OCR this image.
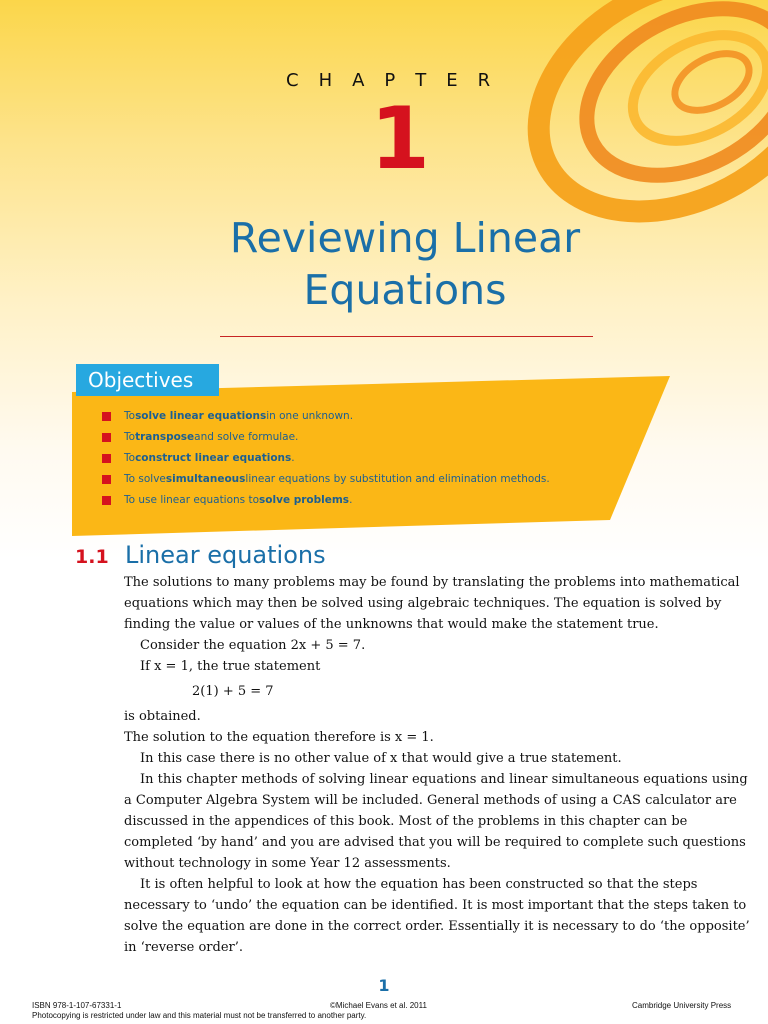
CHAPTER
1
Reviewing Linear
Equations
Objectives
To solve linear equations in one unknown.
To transpose and solve formulae.
To construct linear equations .
To solve simultaneous linear equations by substitution and elimination methods.
To use linear equations to solve problems .
1.1 Linear equations

The solutions to many problems may be found by translating the problems into mathematical

equations which may then be solved using algebraic techniques. The equation is solved by

finding the value or values of the unknowns that would make the statement true.

Consider the equation 2x + 5 = 7.

If x = 1, the true statement

2(1) + 5 = 7

is obtained.

The solution to the equation therefore is x = 1.

In this case there is no other value of x that would give a true statement.

In this chapter methods of solving linear equations and linear simultaneous equations using

a Computer Algebra System will be included. General methods of using a CAS calculator are

discussed in the appendices of this book. Most of the problems in this chapter can be

completed ‘by hand’ and you are advised that you will be required to complete such questions

without technology in some Year 12 assessments.

It is often helpful to look at how the equation has been constructed so that the steps

necessary to ‘undo’ the equation can be identified. It is most important that the steps taken to

solve the equation are done in the correct order. Essentially it is necessary to do ‘the opposite’

in ‘reverse order’.

1
ISBN 978-1-107-67331-1	©Michael Evans et al. 2011	Cambridge University Press
Photocopying is restricted under law and this material must not be transferred to another party.
